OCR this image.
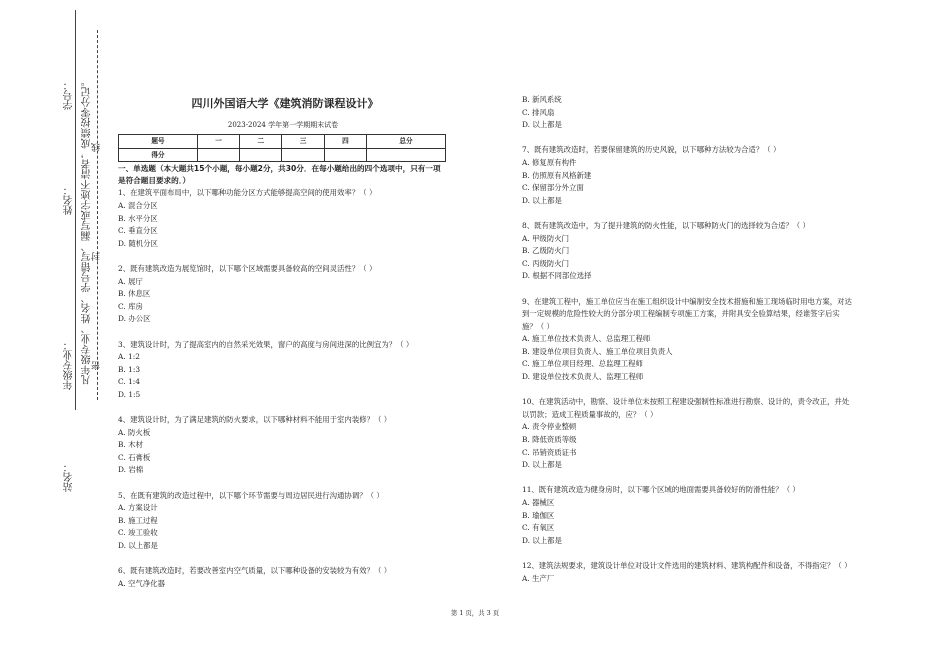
学号：
姓名：
年级专业：
站名：
凡年级专业、姓名、学号错写、漏写或字迹不清者，成绩按零分记。 密封线	四川外国语大学《建筑消防课程设计》
2023-2024 学年第一学期期末试卷
题号	一	二	三	四	总分
得分					
一、单选题（本大题共15个小题，每小题2分，共30分．在每小题给出的四个选项中，只有一项是符合题目要求的．）
1、在建筑平面布局中，以下哪种功能分区方式能够提高空间的使用效率？（ ）
A. 混合分区
B. 水平分区
C. 垂直分区
D. 随机分区
2、既有建筑改造为展览馆时，以下哪个区域需要具备较高的空间灵活性？（ ）
A. 展厅
B. 休息区
C. 库房
D. 办公区
3、建筑设计时，为了提高室内的自然采光效果，窗户的高度与房间进深的比例宜为？（ ）
A. 1:2
B. 1:3
C. 1:4
D. 1:5
4、建筑设计时，为了满足建筑的防火要求，以下哪种材料不能用于室内装修？（ ）
A. 防火板
B. 木材
C. 石膏板
D. 岩棉
5、在既有建筑的改造过程中，以下哪个环节需要与周边居民进行沟通协调？（ ）
A. 方案设计
B. 施工过程
C. 竣工验收
D. 以上都是
6、既有建筑改造时，若要改善室内空气质量，以下哪种设备的安装较为有效？（ ）
A. 空气净化器
B. 新风系统
C. 排风扇
D. 以上都是
7、既有建筑改造时，若要保留建筑的历史风貌，以下哪种方法较为合适？（ ）
A. 修复原有构件
B. 仿照原有风格新建
C. 保留部分外立面
D. 以上都是
8、既有建筑改造中，为了提升建筑的防火性能，以下哪种防火门的选择较为合适？（ ）
A. 甲级防火门
B. 乙级防火门
C. 丙级防火门
D. 根据不同部位选择
9、在建筑工程中，施工单位应当在施工组织设计中编制安全技术措施和施工现场临时用电方案，对达到一定规模的危险性较大的分部分项工程编制专项施工方案，并附具安全验算结果，经谁签字后实施？（ ）
A. 施工单位技术负责人、总监理工程师
B. 建设单位项目负责人、施工单位项目负责人
C. 施工单位项目经理、总监理工程师
D. 建设单位技术负责人、监理工程师
10、在建筑活动中，勘察、设计单位未按照工程建设强制性标准进行勘察、设计的，责令改正，并处以罚款；造成工程质量事故的，应？（ ）
A. 责令停业整顿
B. 降低资质等级
C. 吊销资质证书
D. 以上都是
11、既有建筑改造为健身房时，以下哪个区域的地面需要具备较好的防滑性能？（ ）
A. 器械区
B. 瑜伽区
C. 有氧区
D. 以上都是
12、建筑法规要求，建筑设计单位对设计文件选用的建筑材料、建筑构配件和设备，不得指定？（ ）
A. 生产厂
第 1 页，共 3 页
